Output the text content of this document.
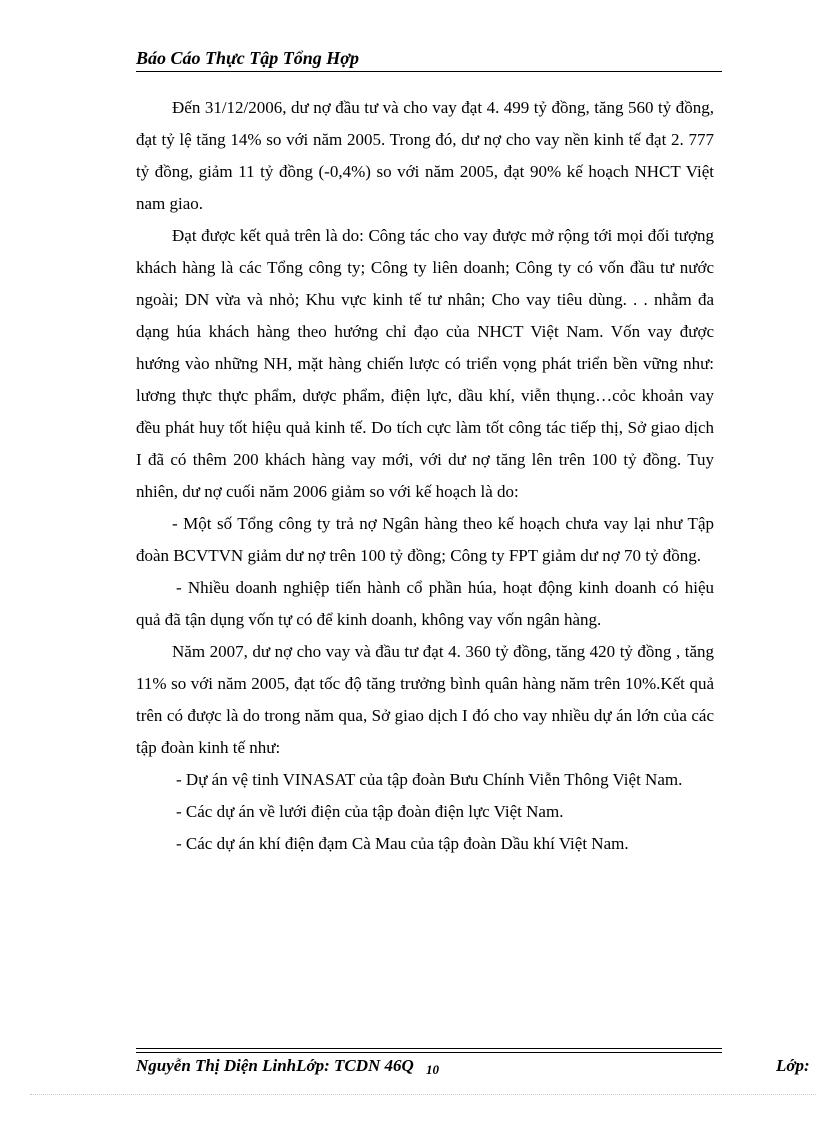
Báo Cáo Thực Tập Tổng Hợp

Đến 31/12/2006, dư nợ đầu tư và cho vay đạt 4. 499 tỷ đồng, tăng 560 tỷ đồng, đạt tỷ lệ tăng 14% so với năm 2005. Trong đó, dư nợ cho vay nền kinh tế đạt 2. 777 tỷ đồng, giảm 11 tỷ đồng (-0,4%) so với năm 2005, đạt 90% kế hoạch NHCT Việt nam giao.

Đạt được kết quả trên là do: Công tác cho vay được mở rộng tới mọi đối tượng khách hàng là các Tổng công ty; Công ty liên doanh; Công ty có vốn đầu tư nước ngoài; DN vừa và nhỏ; Khu vực kinh tế tư nhân; Cho vay tiêu dùng. . . nhằm đa dạng húa khách hàng theo hướng chỉ đạo của NHCT Việt Nam. Vốn vay được hướng vào những NH, mặt hàng chiến lược có triển vọng phát triển bền vững như: lương thực thực phẩm, dược phẩm, điện lực, dầu khí, viễn thụng…cỏc khoản vay đều phát huy tốt hiệu quả kinh tế. Do tích cực làm tốt công tác tiếp thị, Sở giao dịch I đã có thêm 200 khách hàng vay mới, với dư nợ tăng lên trên 100 tỷ đồng. Tuy nhiên, dư nợ cuối năm 2006 giảm so với kế hoạch là do:

- Một số Tổng công ty trả nợ Ngân hàng theo kế hoạch chưa vay lại như Tập đoàn BCVTVN giảm dư nợ trên 100 tỷ đồng; Công ty FPT giảm dư nợ 70 tỷ đồng.

- Nhiều doanh nghiệp tiến hành cổ phần húa, hoạt động kinh doanh có hiệu quả đã tận dụng vốn tự có để kinh doanh, không vay vốn ngân hàng.

Năm 2007, dư nợ cho vay và đầu tư đạt 4. 360 tỷ đồng, tăng 420 tỷ đồng , tăng 11% so với năm 2005, đạt tốc độ tăng trưởng bình quân hàng năm trên 10%.Kết quả trên có được là do trong năm qua, Sở giao dịch I đó cho vay nhiều dự án lớn của các tập đoàn kinh tế như:

- Dự án vệ tinh VINASAT của tập đoàn Bưu Chính Viễn Thông Việt Nam.

- Các dự án về lưới điện của tập đoàn điện lực Việt Nam.

- Các dự án khí điện đạm Cà Mau của tập đoàn Dầu khí Việt Nam.

Nguyễn Thị Diện LinhLớp: TCDN 46Q 10	Lớp:
